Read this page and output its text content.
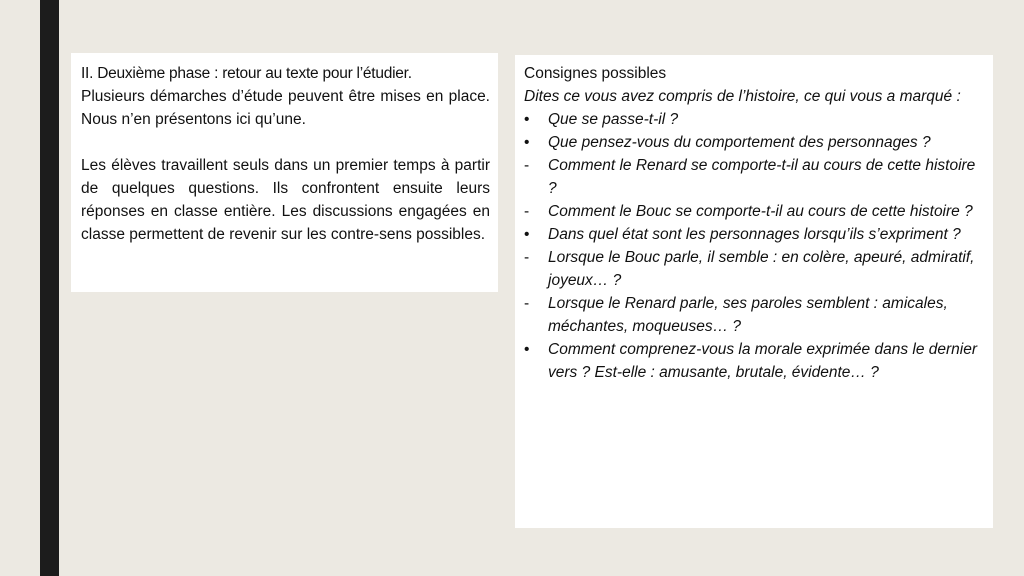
II. Deuxième phase : retour au texte pour l’étudier.

Plusieurs démarches d’étude peuvent être mises en place. Nous n’en présentons ici qu’une.

Les élèves travaillent seuls dans un premier temps à partir de quelques questions. Ils confrontent ensuite leurs réponses en classe entière. Les discussions engagées en classe permettent de revenir sur les contre-sens possibles.

Consignes possibles

Dites ce vous avez compris de l’histoire, ce qui vous a marqué :

•	Que se passe-t-il ?
•	Que pensez-vous du comportement des personnages ?
-	Comment le Renard se comporte-t-il au cours de cette histoire ?
-	Comment le Bouc se comporte-t-il au cours de cette histoire ?
•	Dans quel état sont les personnages lorsqu’ils s’expriment ?
-	Lorsque le Bouc parle, il semble : en colère, apeuré, admiratif, joyeux… ?
-	Lorsque le Renard parle, ses paroles semblent : amicales, méchantes, moqueuses… ?
•	Comment comprenez-vous la morale exprimée dans le dernier vers ? Est-elle : amusante, brutale, évidente… ?
